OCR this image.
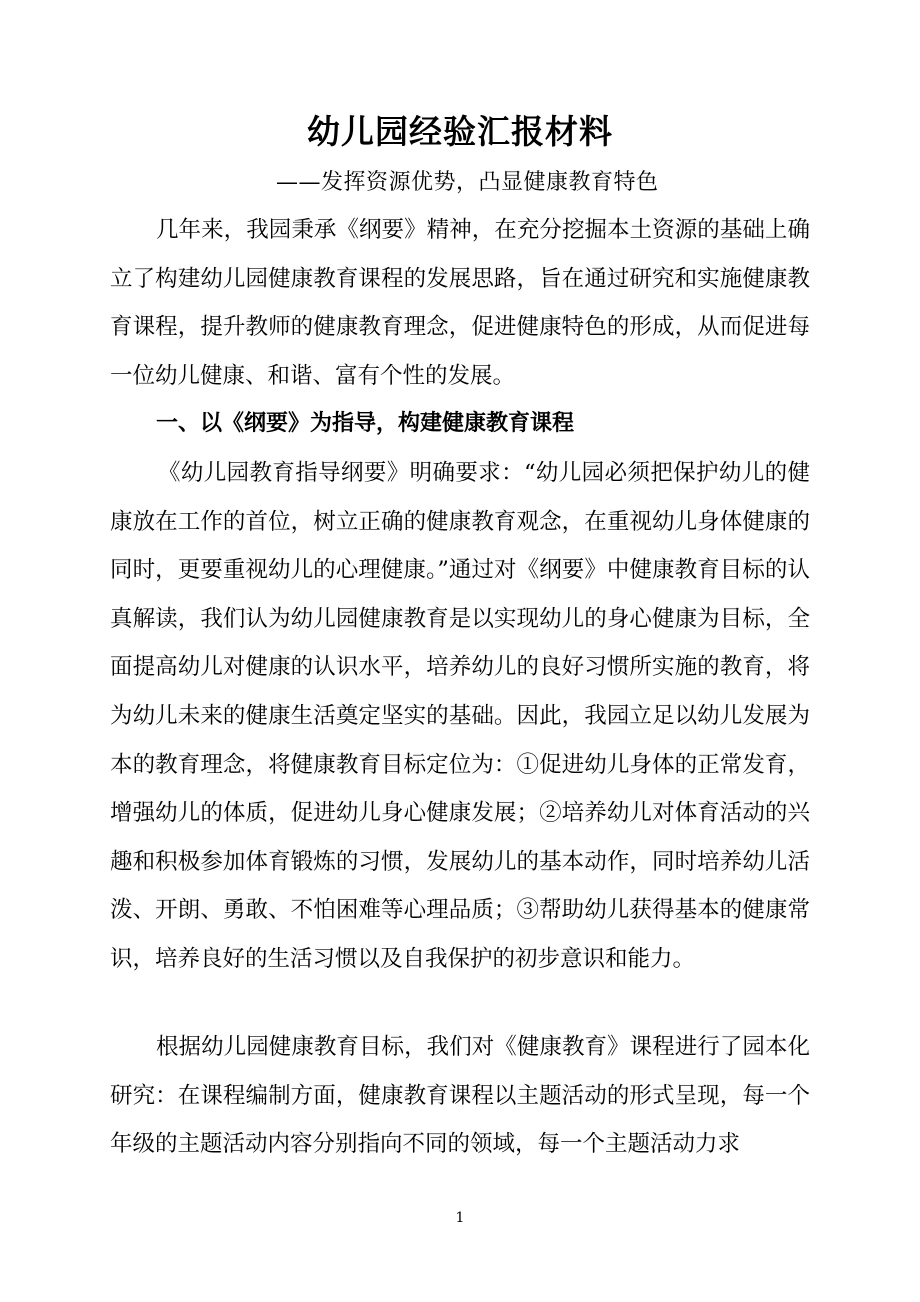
幼儿园经验汇报材料
——发挥资源优势，凸显健康教育特色

几年来，我园秉承《纲要》精神，在充分挖掘本土资源的基础上确立了构建幼儿园健康教育课程的发展思路，旨在通过研究和实施健康教育课程，提升教师的健康教育理念，促进健康特色的形成，从而促进每一位幼儿健康、和谐、富有个性的发展。

一、以《纲要》为指导，构建健康教育课程

《幼儿园教育指导纲要》明确要求：“幼儿园必须把保护幼儿的健康放在工作的首位，树立正确的健康教育观念，在重视幼儿身体健康的同时，更要重视幼儿的心理健康。”通过对《纲要》中健康教育目标的认真解读，我们认为幼儿园健康教育是以实现幼儿的身心健康为目标，全面提高幼儿对健康的认识水平，培养幼儿的良好习惯所实施的教育，将为幼儿未来的健康生活奠定坚实的基础。因此，我园立足以幼儿发展为本的教育理念，将健康教育目标定位为：①促进幼儿身体的正常发育，增强幼儿的体质，促进幼儿身心健康发展；②培养幼儿对体育活动的兴趣和积极参加体育锻炼的习惯，发展幼儿的基本动作，同时培养幼儿活泼、开朗、勇敢、不怕困难等心理品质；③帮助幼儿获得基本的健康常识，培养良好的生活习惯以及自我保护的初步意识和能力。

根据幼儿园健康教育目标，我们对《健康教育》课程进行了园本化研究：在课程编制方面，健康教育课程以主题活动的形式呈现，每一个年级的主题活动内容分别指向不同的领域，每一个主题活动力求

1
